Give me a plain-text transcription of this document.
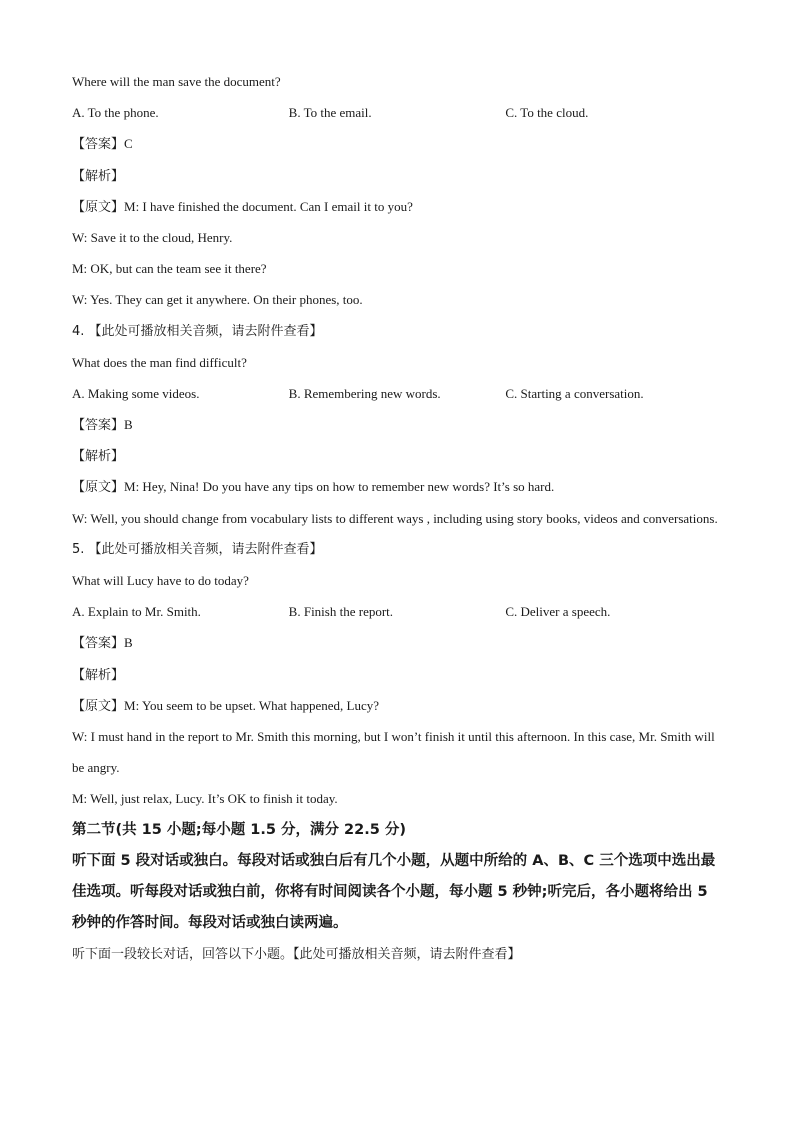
Where will the man save the document?
A. To the phone.	B. To the email.	C. To the cloud.
【答案】C
【解析】
【原文】M: I have finished the document. Can I email it to you?
W: Save it to the cloud, Henry.
M: OK, but can the team see it there?
W: Yes. They can get it anywhere. On their phones, too.
4. 【此处可播放相关音频，请去附件查看】
What does the man find difficult?
A. Making some videos.	B. Remembering new words.	C. Starting a conversation.
【答案】B
【解析】
【原文】M: Hey, Nina! Do you have any tips on how to remember new words? It’s so hard.
W: Well, you should change from vocabulary lists to different ways , including using story books, videos and conversations.
5. 【此处可播放相关音频，请去附件查看】
What will Lucy have to do today?
A. Explain to Mr. Smith.	B. Finish the report.	C. Deliver a speech.
【答案】B
【解析】
【原文】M: You seem to be upset. What happened, Lucy?
W: I must hand in the report to Mr. Smith this morning, but I won’t finish it until this afternoon. In this case, Mr. Smith will be angry.
M: Well, just relax, Lucy. It’s OK to finish it today.
第二节(共 15 小题;每小题 1.5 分，满分 22.5 分)
听下面 5 段对话或独白。每段对话或独白后有几个小题，从题中所给的 A、B、C 三个选项中选出最佳选项。听每段对话或独白前，你将有时间阅读各个小题，每小题 5 秒钟;听完后，各小题将给出 5 秒钟的作答时间。每段对话或独白读两遍。
听下面一段较长对话，回答以下小题。【此处可播放相关音频，请去附件查看】
